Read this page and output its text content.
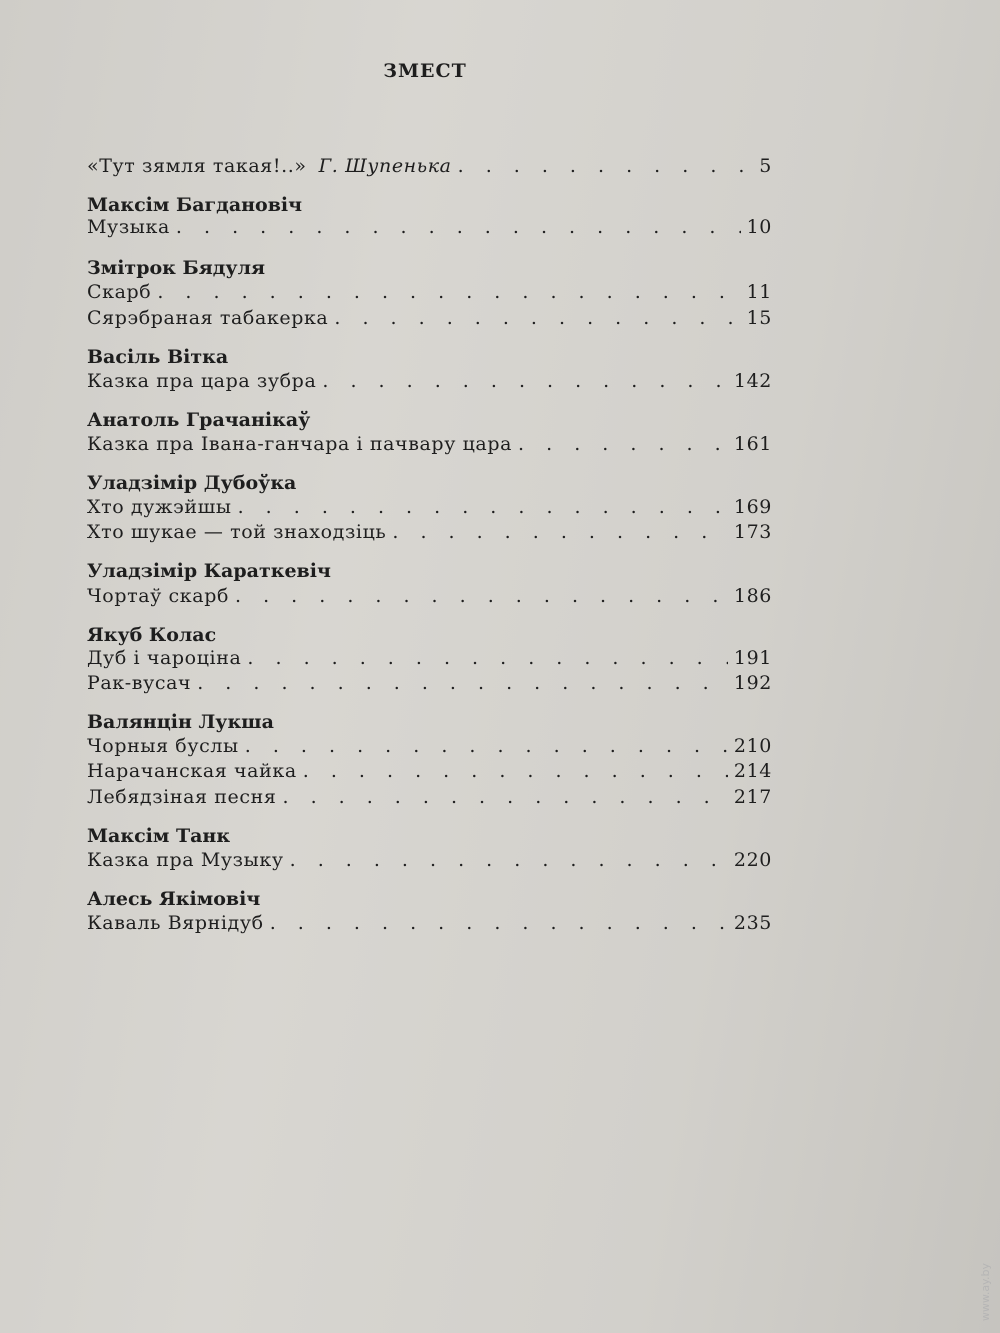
ЗМЕСТ
«Тут зямля такая!..» Г. Шупенька . . .	5
Максім Багдановіч
Музыка . . .	10
Змітрок Бядуля
Скарб . . .	11
Сярэбраная табакерка . . .	15
Васіль Вітка
Казка пра цара зубра . . .	142
Анатоль Грачанікаў
Казка пра Івана-ганчара і пачвару цара . . .	161
Уладзімір Дубоўка
Хто дужэйшы . . .	169
Хто шукае — той знаходзіць . . .	173
Уладзімір Караткевіч
Чортаў скарб . . .	186
Якуб Колас
Дуб і чароціна . . .	191
Рак-вусач . . .	192
Валянцін Лукша
Чорныя буслы . . .	210
Нарачанская чайка . . .	214
Лебядзіная песня . . .	217
Максім Танк
Казка пра Музыку . . .	220
Алесь Якімовіч
Каваль Вярнідуб . . .	235
www.ay.by
